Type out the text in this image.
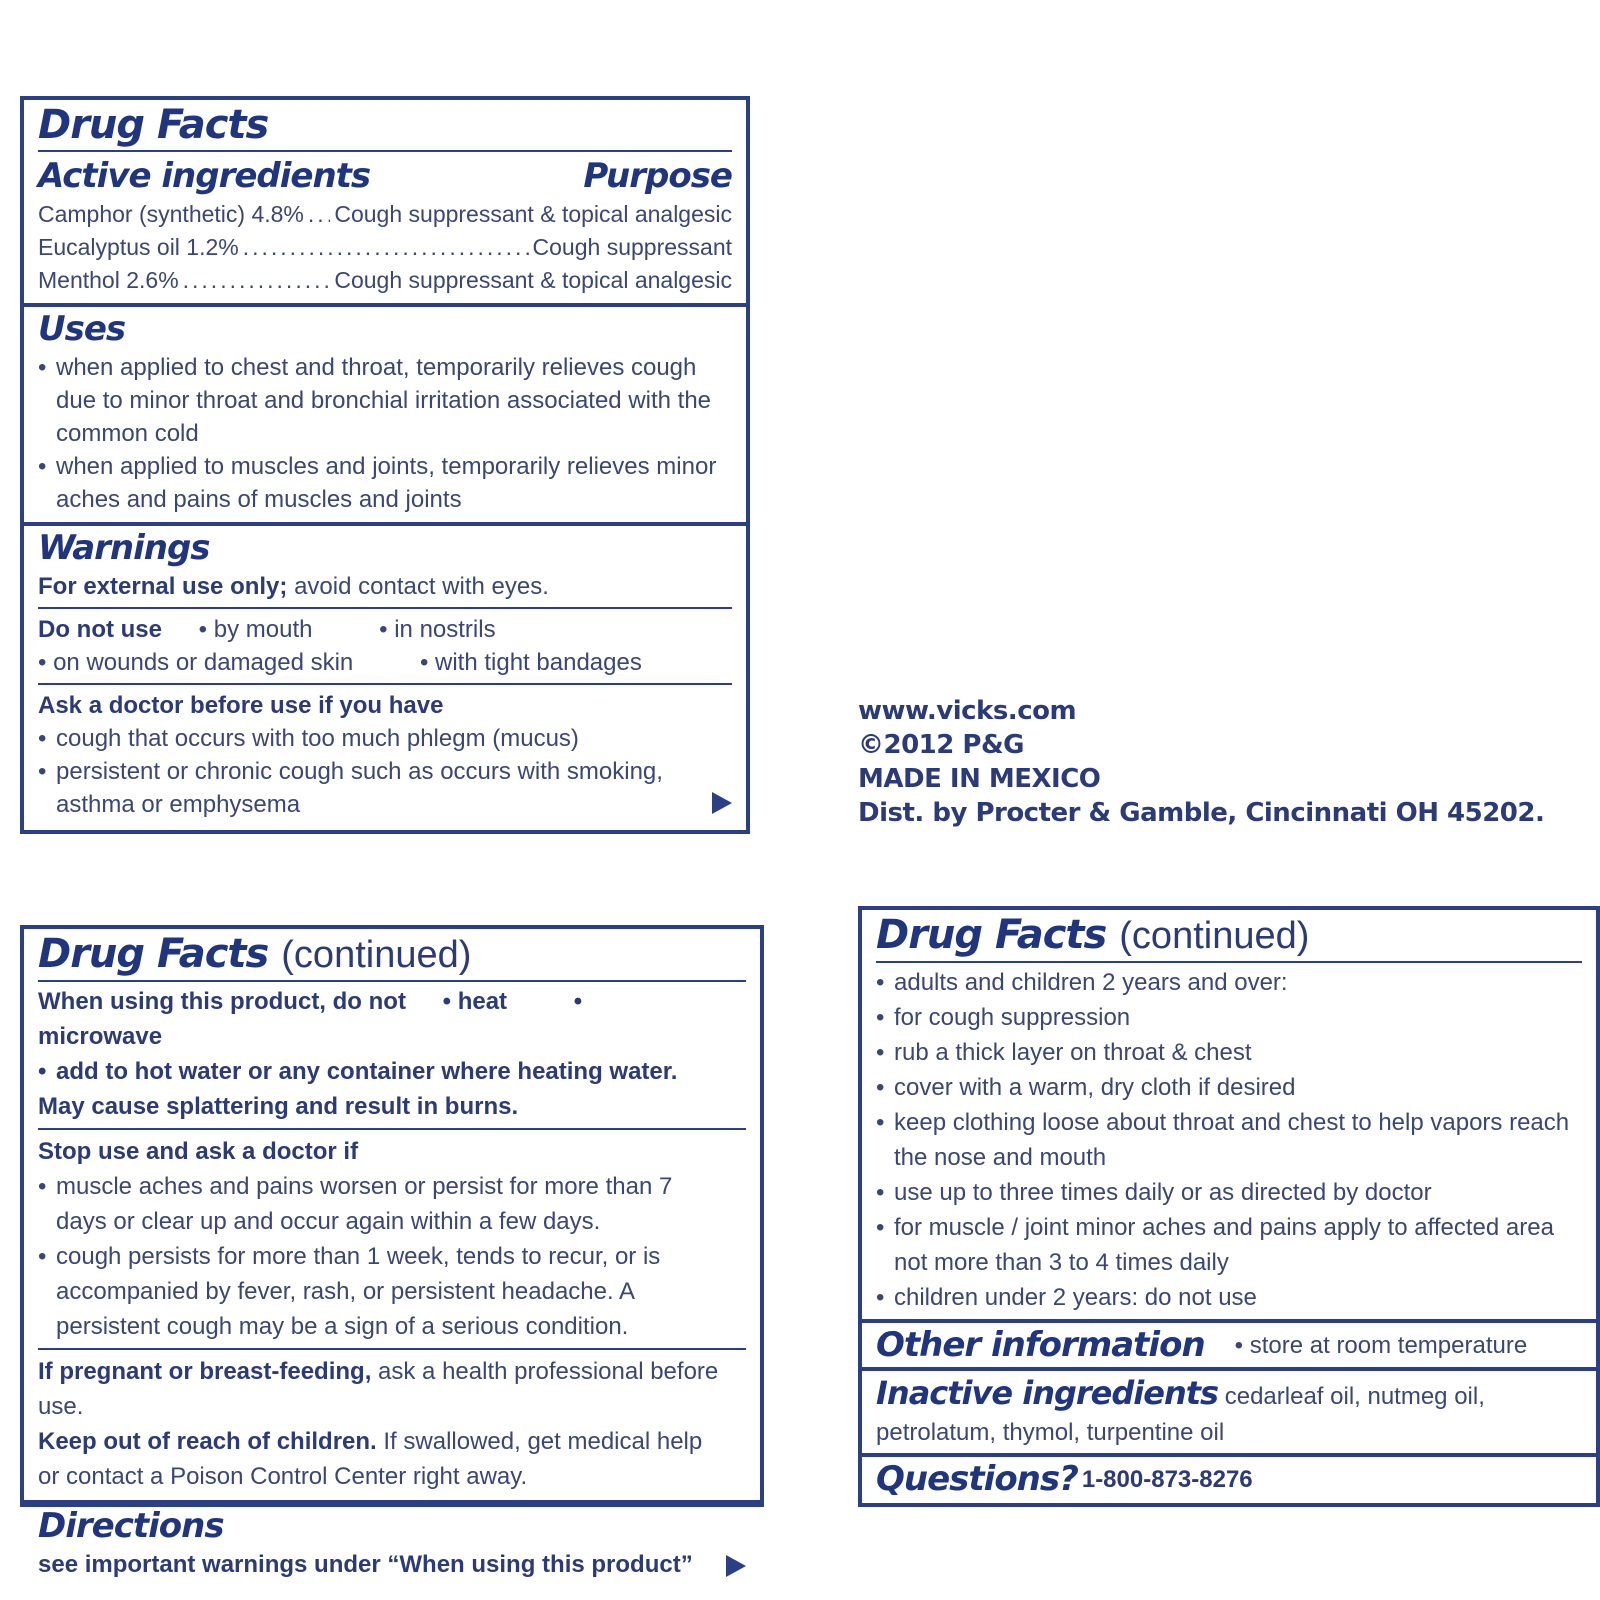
Drug Facts
Active ingredients	Purpose
Camphor (synthetic) 4.8% ..... Cough suppressant & topical analgesic
Eucalyptus oil 1.2% .....	Cough suppressant
Menthol 2.6% .....	Cough suppressant & topical analgesic
Uses
• when applied to chest and throat, temporarily relieves cough due to minor throat and bronchial irritation associated with the common cold
• when applied to muscles and joints, temporarily relieves minor aches and pains of muscles and joints
Warnings
For external use only; avoid contact with eyes.
Do not use • by mouth	• in nostrils
• on wounds or damaged skin	• with tight bandages
Ask a doctor before use if you have
• cough that occurs with too much phlegm (mucus)
• persistent or chronic cough such as occurs with smoking, asthma or emphysema
www.vicks.com
©2012 P&G
MADE IN MEXICO
Dist. by Procter & Gamble, Cincinnati OH 45202.
Drug Facts (continued)
When using this product, do not • heat	• microwave
• add to hot water or any container where heating water.
May cause splattering and result in burns.
Stop use and ask a doctor if
• muscle aches and pains worsen or persist for more than 7 days or clear up and occur again within a few days.
• cough persists for more than 1 week, tends to recur, or is accompanied by fever, rash, or persistent headache. A persistent cough may be a sign of a serious condition.
If pregnant or breast-feeding, ask a health professional before use.
Keep out of reach of children. If swallowed, get medical help or contact a Poison Control Center right away.
Directions
see important warnings under “When using this product”
Drug Facts (continued)
• adults and children 2 years and over:
• for cough suppression
• rub a thick layer on throat & chest
• cover with a warm, dry cloth if desired
• keep clothing loose about throat and chest to help vapors reach the nose and mouth
• use up to three times daily or as directed by doctor
• for muscle / joint minor aches and pains apply to affected area not more than 3 to 4 times daily
• children under 2 years: do not use
Other information • store at room temperature
Inactive ingredients cedarleaf oil, nutmeg oil, petrolatum, thymol, turpentine oil
Questions? 1-800-873-8276
